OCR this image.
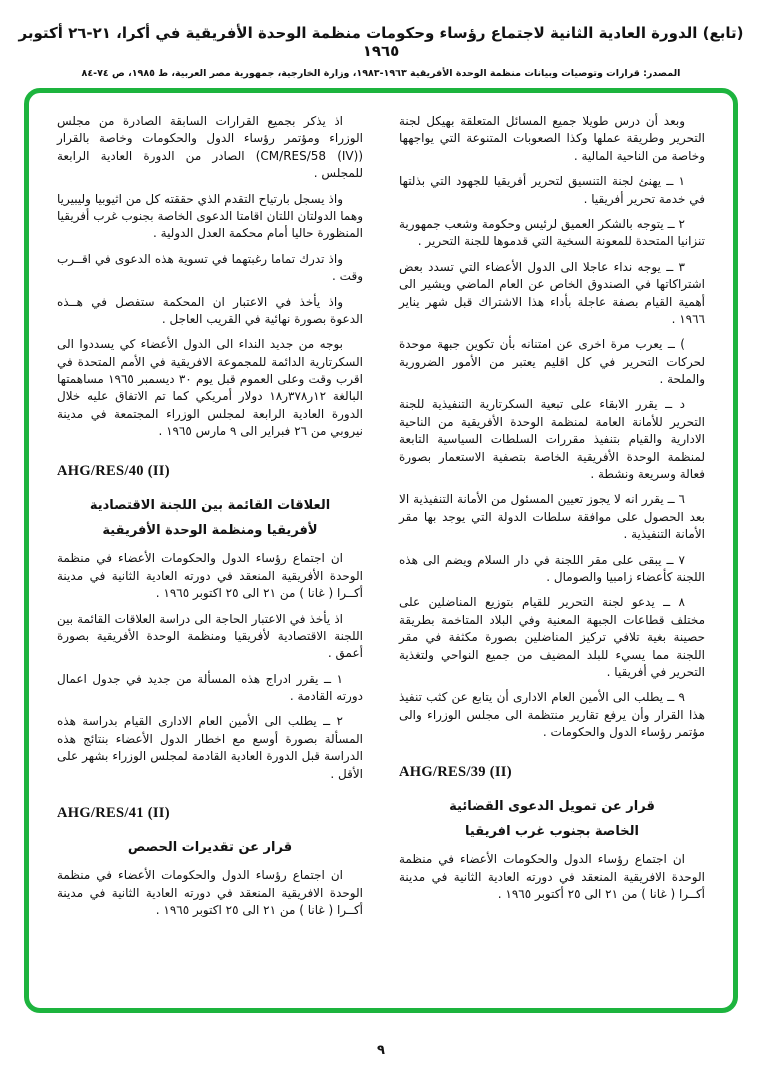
(تابع) الدورة العادية الثانية لاجتماع رؤساء وحكومات منظمة الوحدة الأفريقية في أكرا، ٢١-٢٦ أكتوبر ١٩٦٥
المصدر: قرارات وتوصيات وبيانات منظمة الوحدة الأفريقية ١٩٦٣-١٩٨٣، وزارة الخارجية، جمهورية مصر العربية، ط ١٩٨٥، ص ٧٤-٨٤

وبعد أن درس طويلا جميع المسائل المتعلقة بهيكل لجنة التحرير وطريقة عملها وكذا الصعوبات المتنوعة التي يواجهها وخاصة من الناحية المالية .

١ ــ يهنئ لجنة التنسيق لتحرير أفريقيا للجهود التي بذلتها في خدمة تحرير أفريقيا .

٢ ــ يتوجه بالشكر العميق لرئيس وحكومة وشعب جمهورية تنزانيا المتحدة للمعونة السخية التي قدموها للجنة التحرير .

٣ ــ يوجه نداء عاجلا الى الدول الأعضاء التي تسدد بعض اشتراكاتها في الصندوق الخاص عن العام الماضي ويشير الى أهمية القيام بصفة عاجلة بأداء هذا الاشتراك قبل شهر يناير ١٩٦٦ .

) ــ يعرب مرة اخرى عن امتنانه بأن تكوين جبهة موحدة لحركات التحرير في كل اقليم يعتبر من الأمور الضرورية والملحة .

د ــ يقرر الابقاء على تبعية السكرتارية التنفيذية للجنة التحرير للأمانة العامة لمنظمة الوحدة الأفريقية من الناحية الادارية والقيام بتنفيذ مقررات السلطات السياسية التابعة لمنظمة الوحدة الأفريقية الخاصة بتصفية الاستعمار بصورة فعالة وسريعة ونشطة .

٦ ــ يقرر انه لا يجوز تعيين المسئول من الأمانة التنفيذية الا بعد الحصول على موافقة سلطات الدولة التي يوجد بها مقر الأمانة التنفيذية .

٧ ــ يبقى على مقر اللجنة في دار السلام ويضم الى هذه اللجنة كأعضاء زامبيا والصومال .

٨ ــ يدعو لجنة التحرير للقيام بتوزيع المناضلين على مختلف قطاعات الجبهة المعنية وفي البلاد المتاخمة بطريقة حصينة بغية تلافي تركيز المناضلين بصورة مكثفة في مقر اللجنة مما يسيء للبلد المضيف من جميع النواحي ولتغذية التحرير في أفريقيا .

٩ ــ يطلب الى الأمين العام الادارى أن يتابع عن كثب تنفيذ هذا القرار وأن يرفع تقارير منتظمة الى مجلس الوزراء والى مؤتمر رؤساء الدول والحكومات .

AHG/RES/39 (II)
قرار عن تمويل الدعوى القضائية
الخاصة بجنوب غرب افريقيا

ان اجتماع رؤساء الدول والحكومات الأعضاء في منظمة الوحدة الافريقية المنعقد في دورته العادية الثانية في مدينة أكــرا ( غانا ) من ٢١ الى ٢٥ أكتوبر ١٩٦٥ .

اذ يذكر بجميع القرارات السابقة الصادرة من مجلس الوزراء ومؤتمر رؤساء الدول والحكومات وخاصة بالقرار (CM/RES/58 (IV)) الصادر من الدورة العادية الرابعة للمجلس .

واذ يسجل بارتياح التقدم الذي حققته كل من اثيوبيا وليبيريا وهما الدولتان اللتان اقامتا الدعوى الخاصة بجنوب غرب أفريقيا المنظورة حاليا أمام محكمة العدل الدولية .

واذ تدرك تماما رغبتهما في تسوية هذه الدعوى في اقــرب وقت .

واذ يأخذ في الاعتبار ان المحكمة ستفصل في هــذه الدعوة بصورة نهائية في القريب العاجل .

بوجه من جديد النداء الى الدول الأعضاء كي يسددوا الى السكرتارية الدائمة للمجموعة الافريقية في الأمم المتحدة في اقرب وقت وعلى العموم قبل يوم ٣٠ ديسمبر ١٩٦٥ مساهمتها البالغة ١٢ر٣٧٨ر١٨ دولار أمريكي كما تم الاتفاق عليه خلال الدورة العادية الرابعة لمجلس الوزراء المجتمعة في مدينة نيروبي من ٢٦ فبراير الى ٩ مارس ١٩٦٥ .

AHG/RES/40 (II)
العلاقات القائمة بين اللجنة الاقتصادية
لأفريقيا ومنظمة الوحدة الأفريقية

ان اجتماع رؤساء الدول والحكومات الأعضاء في منظمة الوحدة الأفريقية المنعقد في دورته العادية الثانية في مدينة أكــرا ( غانا ) من ٢١ الى ٢٥ اكتوبر ١٩٦٥ .

اذ يأخذ في الاعتبار الحاجة الى دراسة العلاقات القائمة بين اللجنة الاقتصادية لأفريقيا ومنظمة الوحدة الأفريقية بصورة أعمق .

١ ــ يقرر ادراج هذه المسألة من جديد في جدول اعمال دورته القادمة .

٢ ــ يطلب الى الأمين العام الادارى القيام بدراسة هذه المسألة بصورة أوسع مع اخطار الدول الأعضاء بنتائج هذه الدراسة قبل الدورة العادية القادمة لمجلس الوزراء بشهر على الأقل .

AHG/RES/41 (II)
قرار عن تقديرات الحصص

ان اجتماع رؤساء الدول والحكومات الأعضاء في منظمة الوحدة الافريقية المنعقد في دورته العادية الثانية في مدينة أكــرا ( غانا ) من ٢١ الى ٢٥ اكتوبر ١٩٦٥ .

٩
